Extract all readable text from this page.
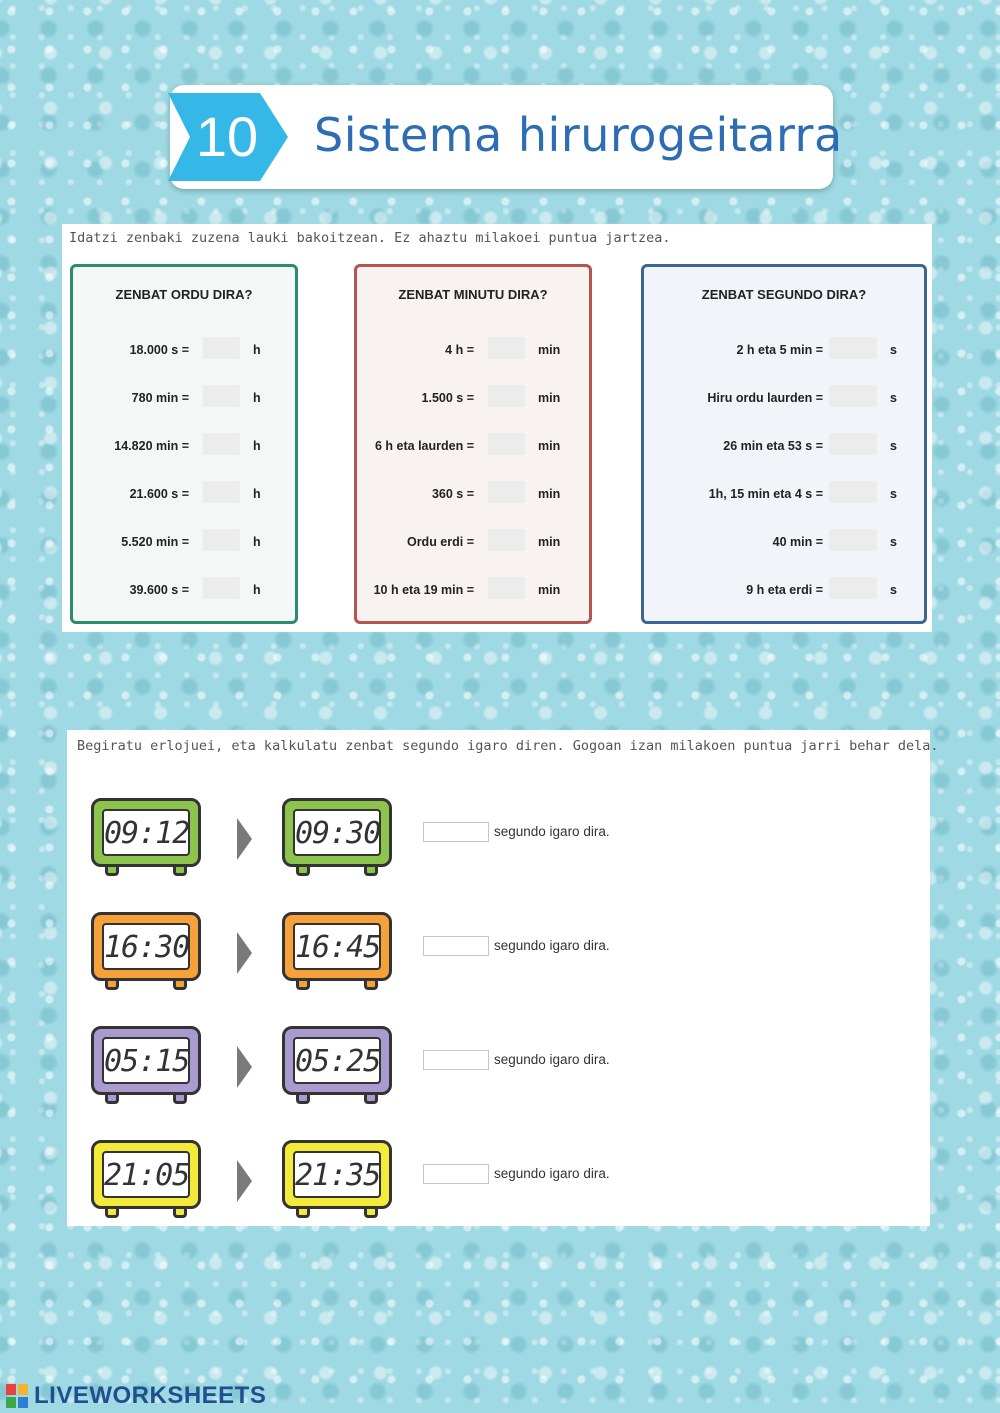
10 Sistema hirurogeitarra
Idatzi zenbaki zuzena lauki bakoitzean. Ez ahaztu milakoei puntua jartzea.
ZENBAT ORDU DIRA?
18.000 s =	h
780 min =	h
14.820 min =	h
21.600 s =	h
5.520 min =	h
39.600 s =	h
ZENBAT MINUTU DIRA?
4 h =	min
1.500 s =	min
6 h eta laurden =	min
360 s =	min
Ordu erdi =	min
10 h eta 19 min =	min
ZENBAT SEGUNDO DIRA?
2 h eta 5 min =	s
Hiru ordu laurden =	s
26 min eta 53 s =	s
1h, 15 min eta 4 s =	s
40 min =	s
9 h eta erdi =	s
Begiratu erlojuei, eta kalkulatu zenbat segundo igaro diren. Gogoan izan milakoen puntua jarri behar dela.
09:12	09:30	segundo igaro dira.
16:30	16:45	segundo igaro dira.
05:15	05:25	segundo igaro dira.
21:05	21:35	segundo igaro dira.
LIVEWORKSHEETS
